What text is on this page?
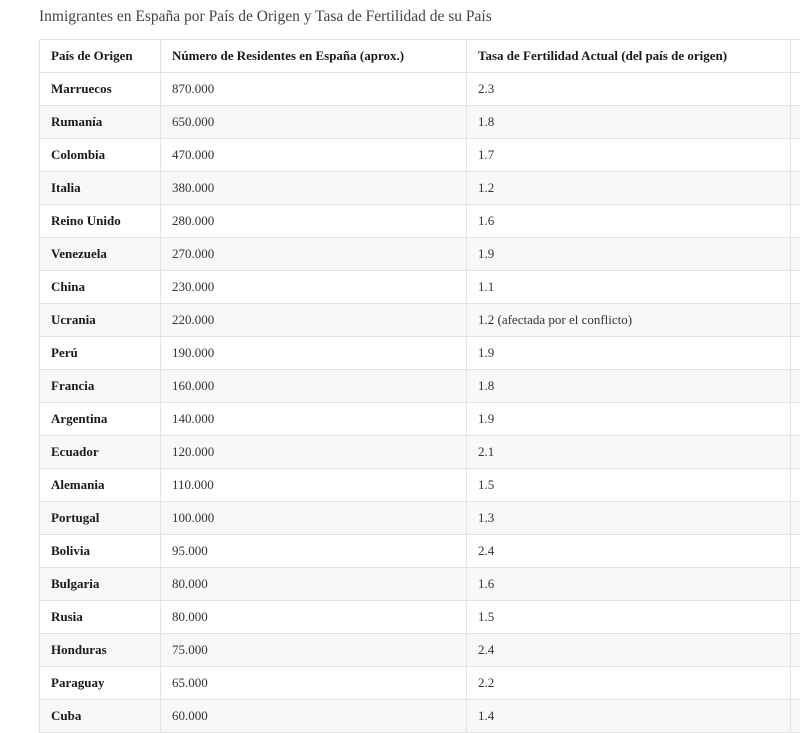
Inmigrantes en España por País de Origen y Tasa de Fertilidad de su País
País de Origen	Número de Residentes en España (aprox.)	Tasa de Fertilidad Actual (del país de origen)	
Marruecos	870.000	2.3	
Rumanía	650.000	1.8	
Colombia	470.000	1.7	
Italia	380.000	1.2	
Reino Unido	280.000	1.6	
Venezuela	270.000	1.9	
China	230.000	1.1	
Ucrania	220.000	1.2 (afectada por el conflicto)	
Perú	190.000	1.9	
Francia	160.000	1.8	
Argentina	140.000	1.9	
Ecuador	120.000	2.1	
Alemania	110.000	1.5	
Portugal	100.000	1.3	
Bolivia	95.000	2.4	
Bulgaria	80.000	1.6	
Rusia	80.000	1.5	
Honduras	75.000	2.4	
Paraguay	65.000	2.2	
Cuba	60.000	1.4	
